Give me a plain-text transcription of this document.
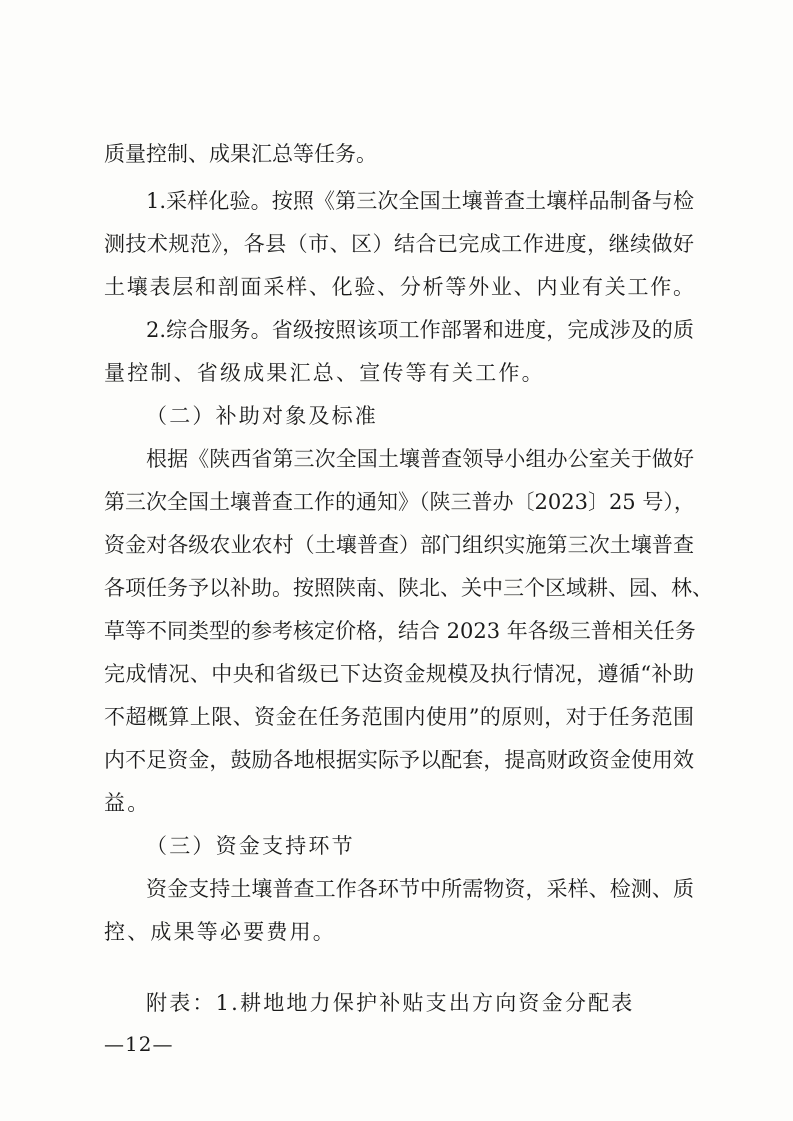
质量控制、成果汇总等任务。
1.采样化验。按照《第三次全国土壤普查土壤样品制备与检
测技术规范》，各县（市、区）结合已完成工作进度，继续做好
土壤表层和剖面采样、化验、分析等外业、内业有关工作。
2.综合服务。省级按照该项工作部署和进度，完成涉及的质
量控制、省级成果汇总、宣传等有关工作。
（二）补助对象及标准
根据《陕西省第三次全国土壤普查领导小组办公室关于做好
第三次全国土壤普查工作的通知》（陕三普办〔2023〕25 号），
资金对各级农业农村（土壤普查）部门组织实施第三次土壤普查
各项任务予以补助。按照陕南、陕北、关中三个区域耕、园、林、
草等不同类型的参考核定价格，结合 2023 年各级三普相关任务
完成情况、中央和省级已下达资金规模及执行情况，遵循“补助
不超概算上限、资金在任务范围内使用”的原则，对于任务范围
内不足资金，鼓励各地根据实际予以配套，提高财政资金使用效
益。
（三）资金支持环节
资金支持土壤普查工作各环节中所需物资，采样、检测、质
控、成果等必要费用。
附表：1.耕地地力保护补贴支出方向资金分配表
—12—
